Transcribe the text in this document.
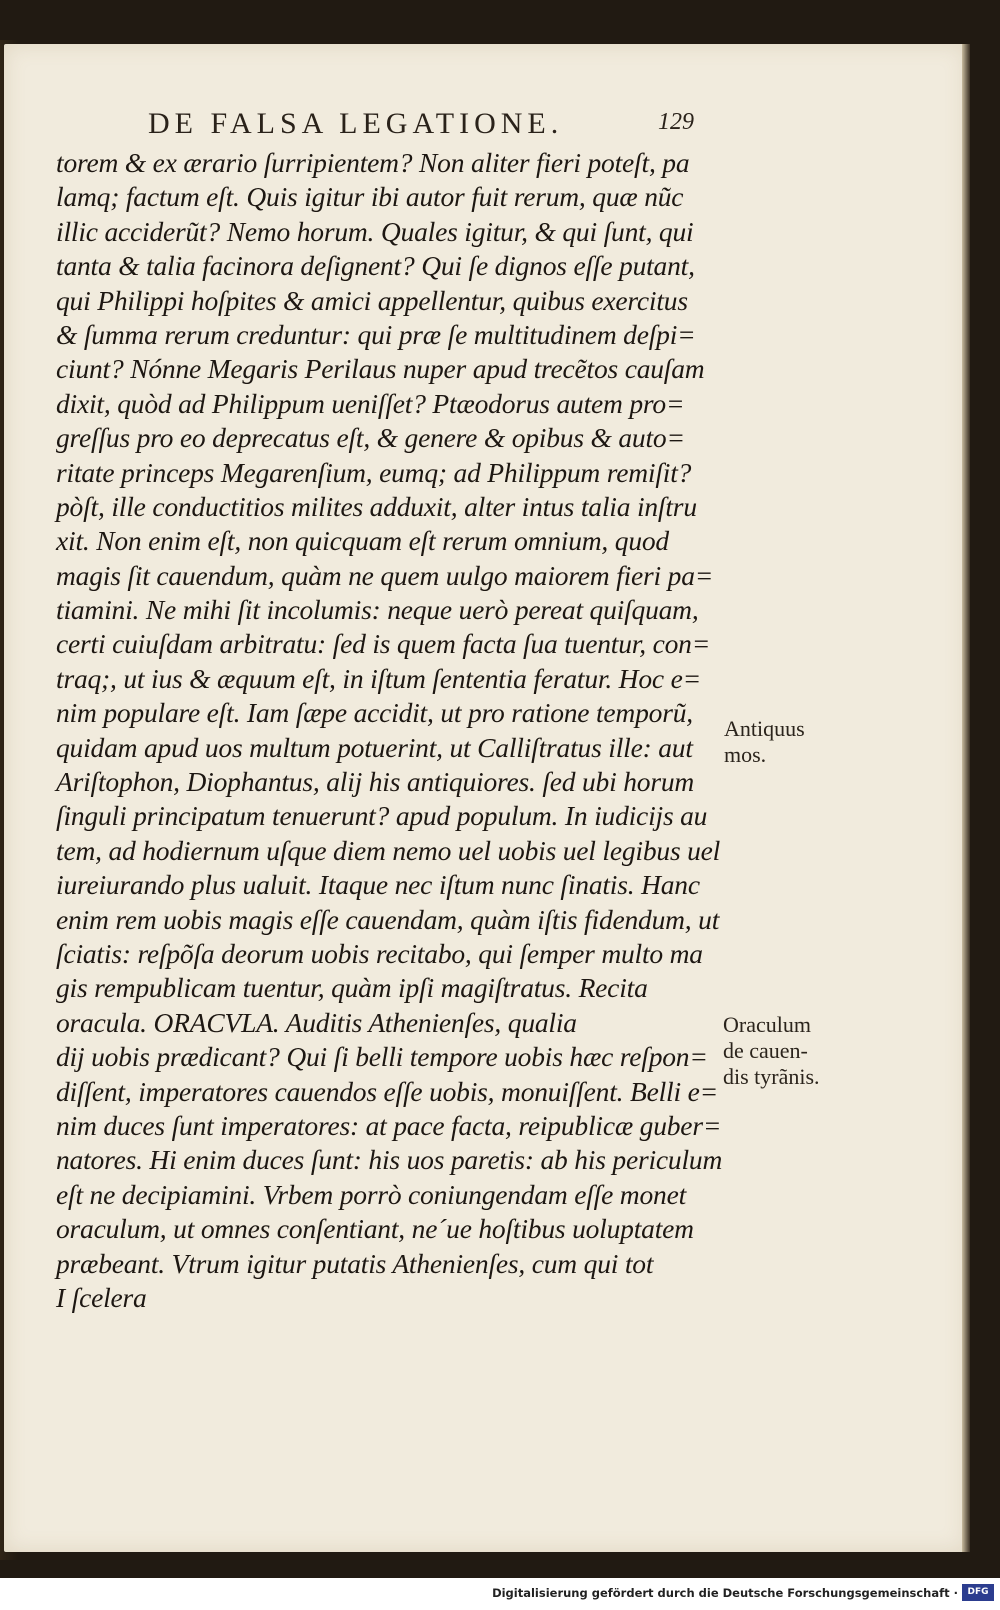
DE FALSA LEGATIONE.	129
torem & ex ærario ſurripientem? Non aliter fieri poteſt, pa
lamq; factum eſt. Quis igitur ibi autor fuit rerum, quæ nũc
illic acciderũt? Nemo horum. Quales igitur, & qui ſunt, qui
tanta & talia facinora deſignent? Qui ſe dignos eſſe putant,
qui Philippi hoſpites & amici appellentur, quibus exercitus
& ſumma rerum creduntur: qui præ ſe multitudinem deſpi=
ciunt? Nónne Megaris Perilaus nuper apud trecẽtos cauſam
dixit, quòd ad Philippum ueniſſet? Ptæodorus autem pro=
greſſus pro eo deprecatus eſt, & genere & opibus & auto=
ritate princeps Megarenſium, eumq; ad Philippum remiſit?
pòſt, ille conductitios milites adduxit, alter intus talia inſtru
xit. Non enim eſt, non quicquam eſt rerum omnium, quod
magis ſit cauendum, quàm ne quem uulgo maiorem fieri pa=
tiamini. Ne mihi ſit incolumis: neque uerò pereat quiſquam,
certi cuiuſdam arbitratu: ſed is quem facta ſua tuentur, con=
traq;, ut ius & æquum eſt, in iſtum ſententia feratur. Hoc e=
nim populare eſt. Iam ſæpe accidit, ut pro ratione temporũ,
quidam apud uos multum potuerint, ut Calliſtratus ille: aut
Ariſtophon, Diophantus, alij his antiquiores. ſed ubi horum
ſinguli principatum tenuerunt? apud populum. In iudicijs au
tem, ad hodiernum uſque diem nemo uel uobis uel legibus uel
iureiurando plus ualuit. Itaque nec iſtum nunc ſinatis. Hanc
enim rem uobis magis eſſe cauendam, quàm iſtis fidendum, ut
ſciatis: reſpõſa deorum uobis recitabo, qui ſemper multo ma
gis rempublicam tuentur, quàm ipſi magiſtratus. Recita
oracula. ORACVLA. Auditis Athenienſes, qualia
dij uobis prædicant? Qui ſi belli tempore uobis hæc reſpon=
diſſent, imperatores cauendos eſſe uobis, monuiſſent. Belli e=
nim duces ſunt imperatores: at pace facta, reipublicæ guber=
natores. Hi enim duces ſunt: his uos paretis: ab his periculum
eſt ne decipiamini. Vrbem porrò coniungendam eſſe monet
oraculum, ut omnes conſentiant, ne´ue hoſtibus uoluptatem
præbeant. Vtrum igitur putatis Athenienſes, cum qui tot
I ſcelera
Antiquus
mos.
Oraculum
de cauen-
dis tyrãnis.
Digitalisierung gefördert durch die Deutsche Forschungsgemeinschaft ·	DFG
